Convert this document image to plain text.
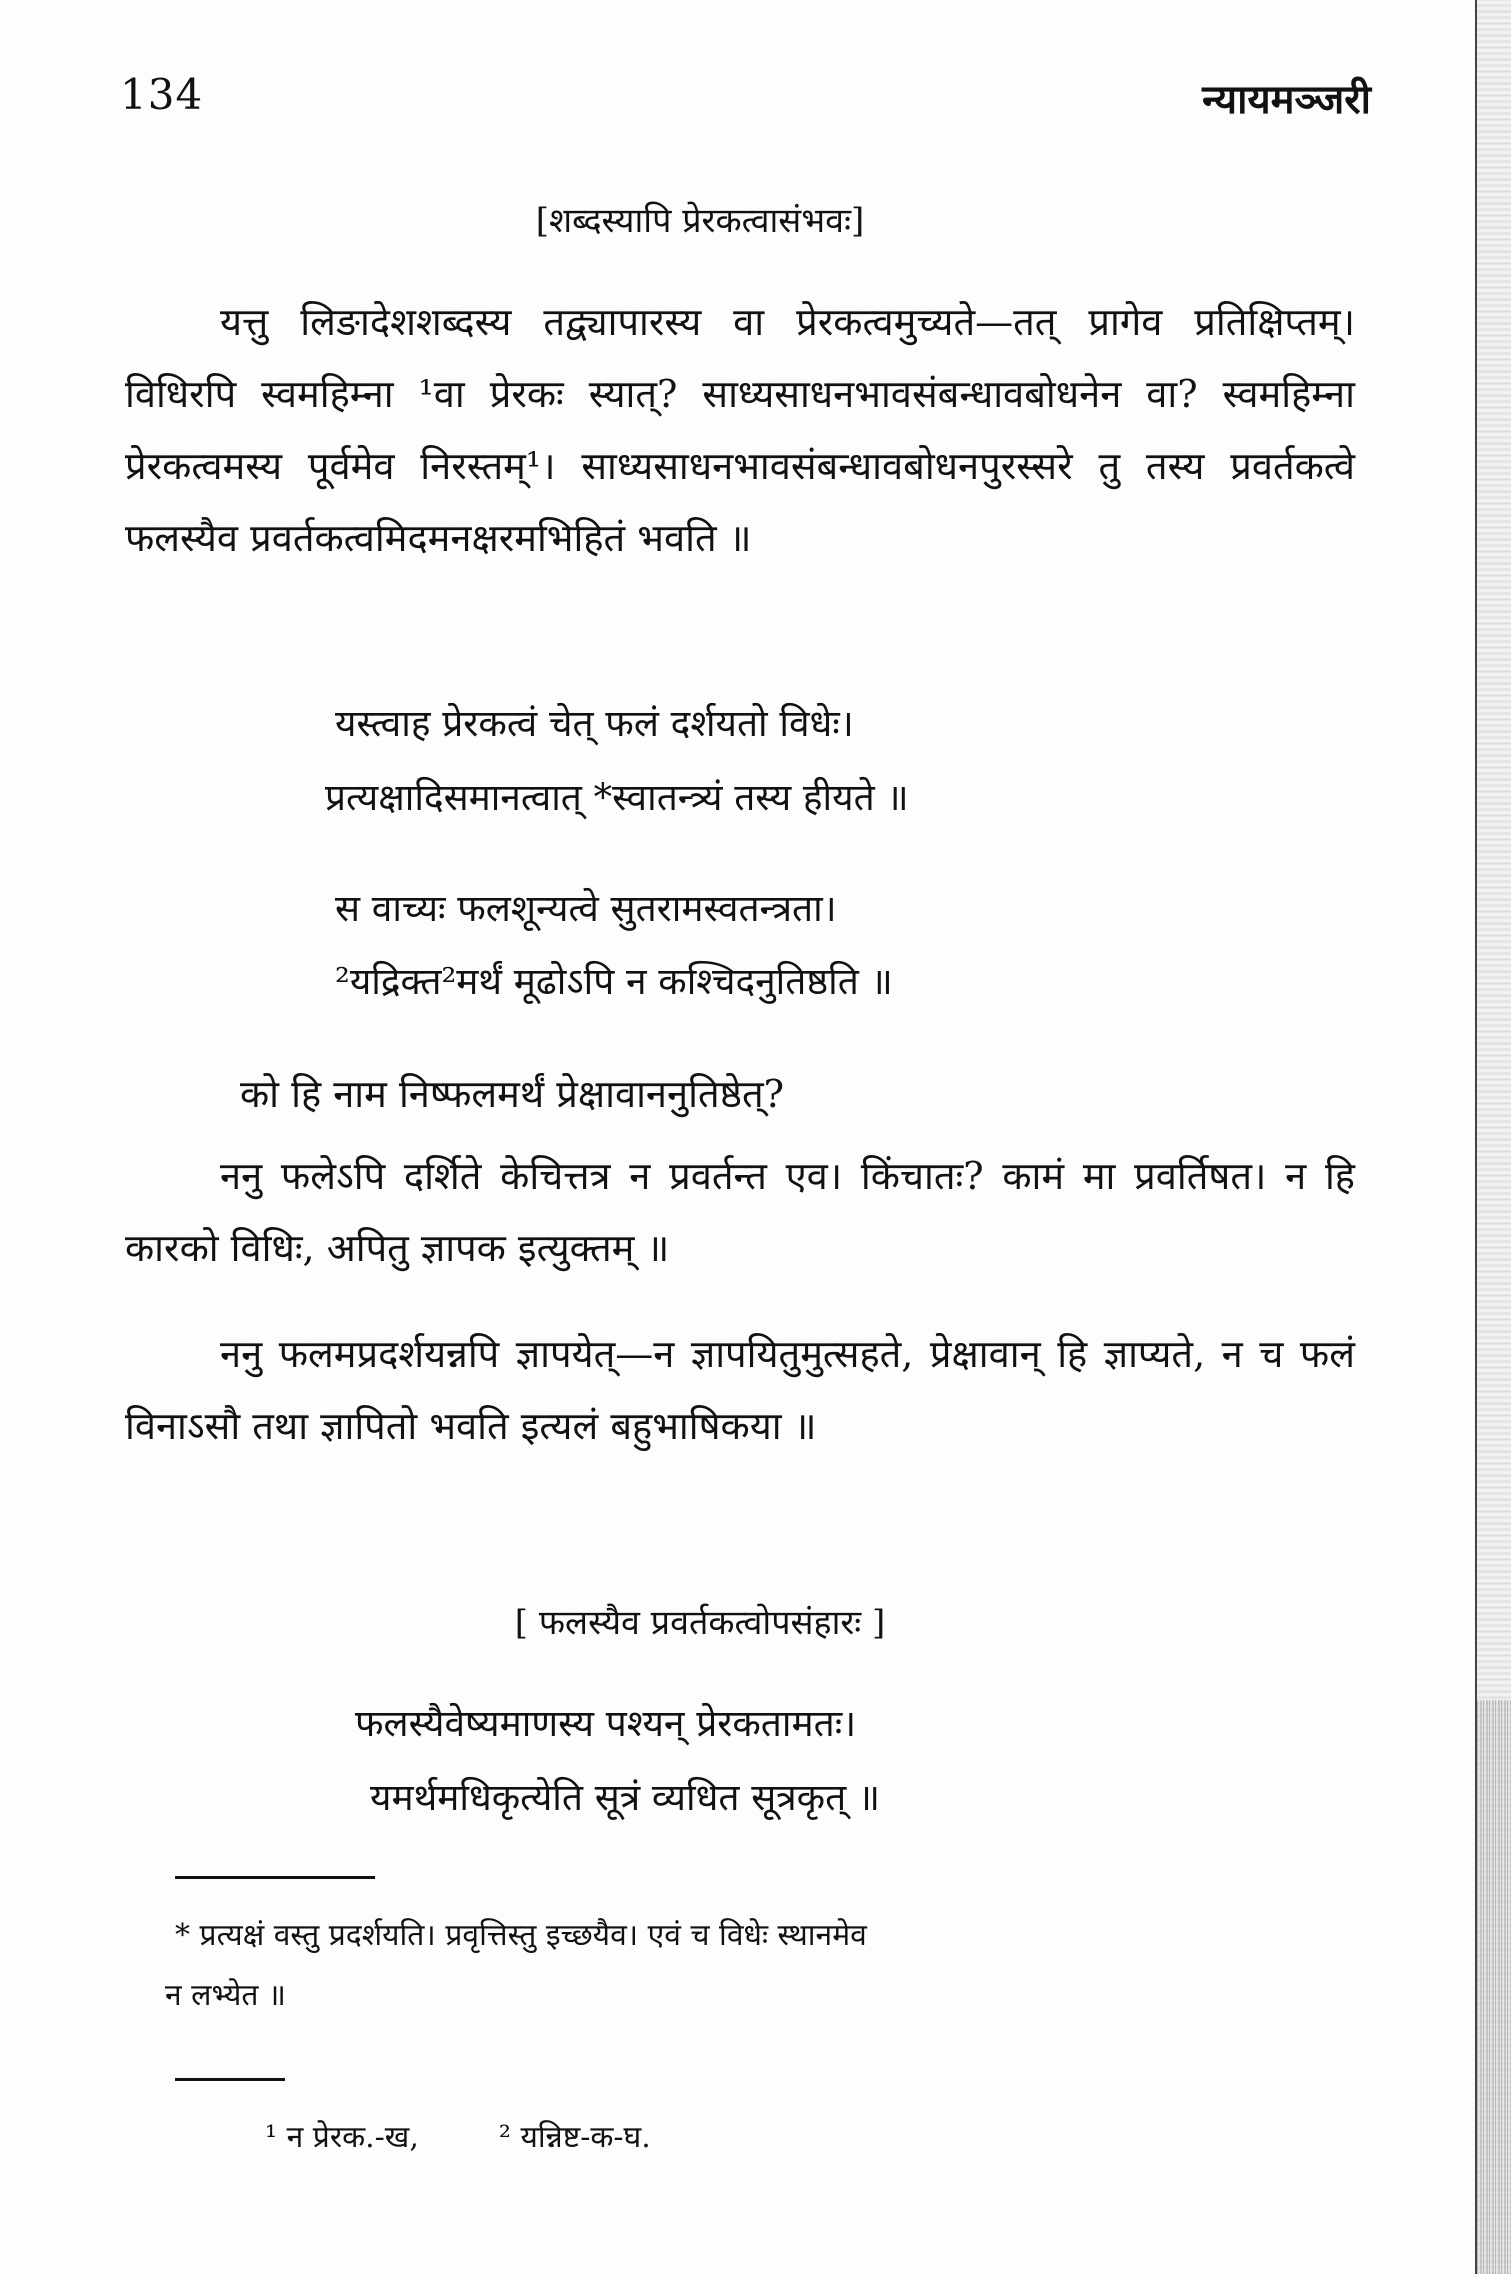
134	न्यायमञ्जरी
[शब्दस्यापि प्रेरकत्वासंभवः]
यत्तु लिङादेशशब्दस्य तद्व्यापारस्य वा प्रेरकत्वमुच्यते—तत् प्रागेव प्रतिक्षिप्तम्। विधिरपि स्वमहिम्ना ¹वा प्रेरकः स्यात्? साध्यसाधनभावसंबन्धावबोधनेन वा? स्वमहिम्ना प्रेरकत्वमस्य पूर्वमेव निरस्तम्¹। साध्यसाधनभावसंबन्धावबोधनपुरस्सरे तु तस्य प्रवर्तकत्वे फलस्यैव प्रवर्तकत्वमिदमनक्षरमभिहितं भवति ॥
यस्त्वाह प्रेरकत्वं चेत् फलं दर्शयतो विधेः।
प्रत्यक्षादिसमानत्वात् *स्वातन्त्र्यं तस्य हीयते ॥
स वाच्यः फलशून्यत्वे सुतरामस्वतन्त्रता।
²यद्रिक्त²मर्थं मूढोऽपि न कश्चिदनुतिष्ठति ॥
को हि नाम निष्फलमर्थं प्रेक्षावाननुतिष्ठेत्?
ननु फलेऽपि दर्शिते केचित्तत्र न प्रवर्तन्त एव। किंचातः? कामं मा प्रवर्तिषत। न हि कारको विधिः, अपितु ज्ञापक इत्युक्तम् ॥
ननु फलमप्रदर्शयन्नपि ज्ञापयेत्—न ज्ञापयितुमुत्सहते, प्रेक्षावान् हि ज्ञाप्यते, न च फलं विनाऽसौ तथा ज्ञापितो भवति इत्यलं बहुभाषिकया ॥
[ फलस्यैव प्रवर्तकत्वोपसंहारः ]
फलस्यैवेष्यमाणस्य पश्यन् प्रेरकतामतः।
यमर्थमधिकृत्येति सूत्रं व्यधित सूत्रकृत् ॥
* प्रत्यक्षं वस्तु प्रदर्शयति। प्रवृत्तिस्तु इच्छयैव। एवं च विधेः स्थानमेव
न लभ्येत ॥
¹ न प्रेरक.-ख,	² यन्निष्ट-क-घ.
